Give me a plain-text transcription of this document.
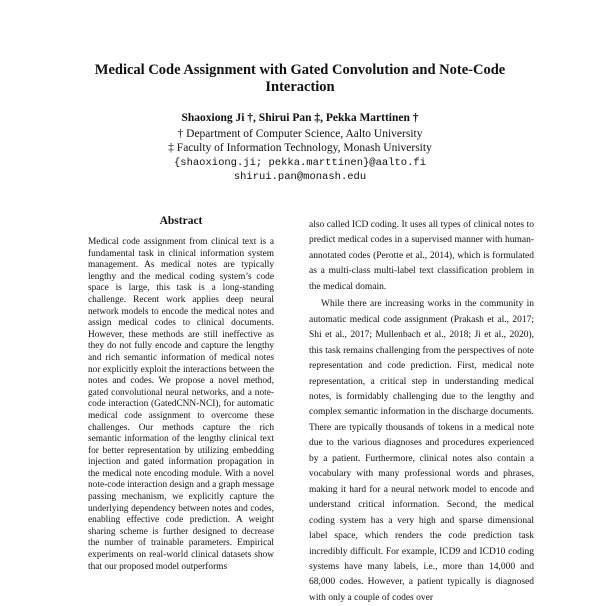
Medical Code Assignment with Gated Convolution and Note-Code Interaction
Shaoxiong Ji †, Shirui Pan ‡, Pekka Marttinen †
† Department of Computer Science, Aalto University
‡ Faculty of Information Technology, Monash University
{shaoxiong.ji; pekka.marttinen}@aalto.fi
shirui.pan@monash.edu
Abstract

Medical code assignment from clinical text is a fundamental task in clinical information system management. As medical notes are typically lengthy and the medical coding system’s code space is large, this task is a long-standing challenge. Recent work applies deep neural network models to encode the medical notes and assign medical codes to clinical documents. However, these methods are still ineffective as they do not fully encode and capture the lengthy and rich semantic information of medical notes nor explicitly exploit the interactions between the notes and codes. We propose a novel method, gated convolutional neural networks, and a note-code interaction (GatedCNN-NCI), for automatic medical code assignment to overcome these challenges. Our methods capture the rich semantic information of the lengthy clinical text for better representation by utilizing embedding injection and gated information propagation in the medical note encoding module. With a novel note-code interaction design and a graph message passing mechanism, we explicitly capture the underlying dependency between notes and codes, enabling effective code prediction. A weight sharing scheme is further designed to decrease the number of trainable parameters. Empirical experiments on real-world clinical datasets show that our proposed model outperforms

also called ICD coding. It uses all types of clinical notes to predict medical codes in a supervised manner with human-annotated codes (Perotte et al., 2014), which is formulated as a multi-class multi-label text classification problem in the medical domain.

While there are increasing works in the community in automatic medical code assignment (Prakash et al., 2017; Shi et al., 2017; Mullenbach et al., 2018; Ji et al., 2020), this task remains challenging from the perspectives of note representation and code prediction. First, medical note representation, a critical step in understanding medical notes, is formidably challenging due to the lengthy and complex semantic information in the discharge documents. There are typically thousands of tokens in a medical note due to the various diagnoses and procedures experienced by a patient. Furthermore, clinical notes also contain a vocabulary with many professional words and phrases, making it hard for a neural network model to encode and understand critical information. Second, the medical coding system has a very high and sparse dimensional label space, which renders the code prediction task incredibly difficult. For example, ICD9 and ICD10 coding systems have many labels, i.e., more than 14,000 and 68,000 codes. However, a patient typically is diagnosed with only a couple of codes over
